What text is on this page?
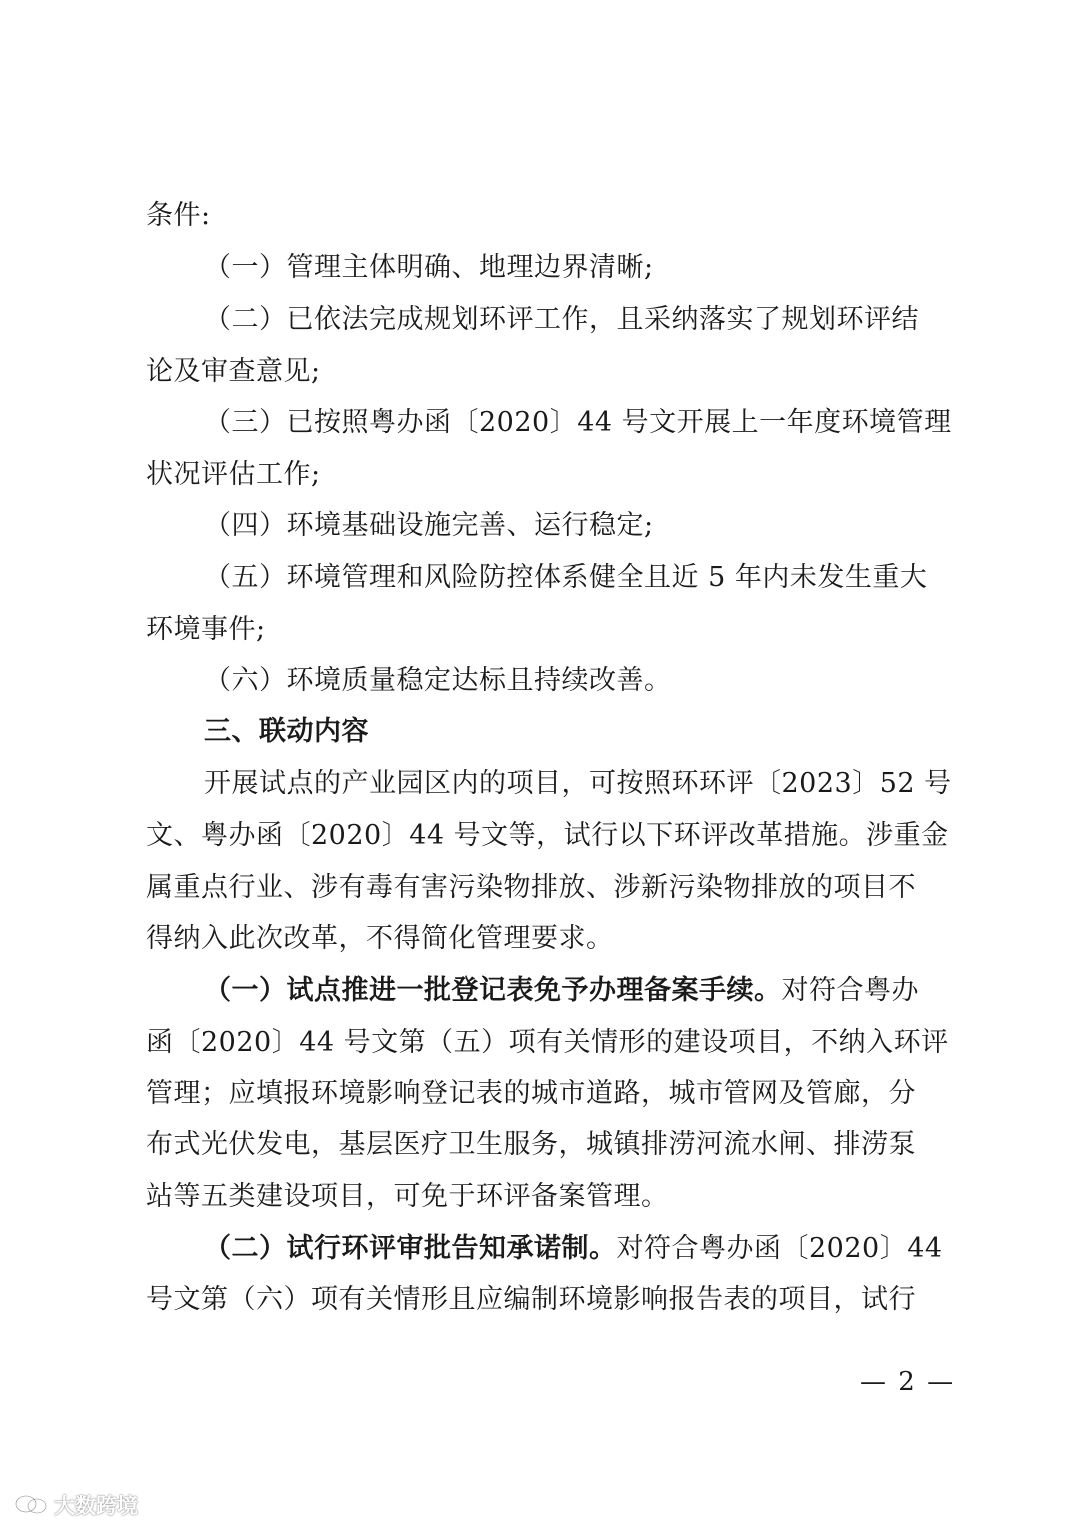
条件:
（一）管理主体明确、地理边界清晰;
（二）已依法完成规划环评工作，且采纳落实了规划环评结
论及审查意见;
（三）已按照粤办函〔2020〕44 号文开展上一年度环境管理
状况评估工作;
（四）环境基础设施完善、运行稳定;
（五）环境管理和风险防控体系健全且近 5 年内未发生重大
环境事件;
（六）环境质量稳定达标且持续改善。
三、联动内容
开展试点的产业园区内的项目，可按照环环评〔2023〕52 号
文、粤办函〔2020〕44 号文等，试行以下环评改革措施。涉重金
属重点行业、涉有毒有害污染物排放、涉新污染物排放的项目不
得纳入此次改革，不得简化管理要求。
（一）试点推进一批登记表免予办理备案手续。对符合粤办
函〔2020〕44 号文第（五）项有关情形的建设项目，不纳入环评
管理；应填报环境影响登记表的城市道路，城市管网及管廊，分
布式光伏发电，基层医疗卫生服务，城镇排涝河流水闸、排涝泵
站等五类建设项目，可免于环评备案管理。
（二）试行环评审批告知承诺制。对符合粤办函〔2020〕44
号文第（六）项有关情形且应编制环境影响报告表的项目，试行
— 2 —
大数跨境
